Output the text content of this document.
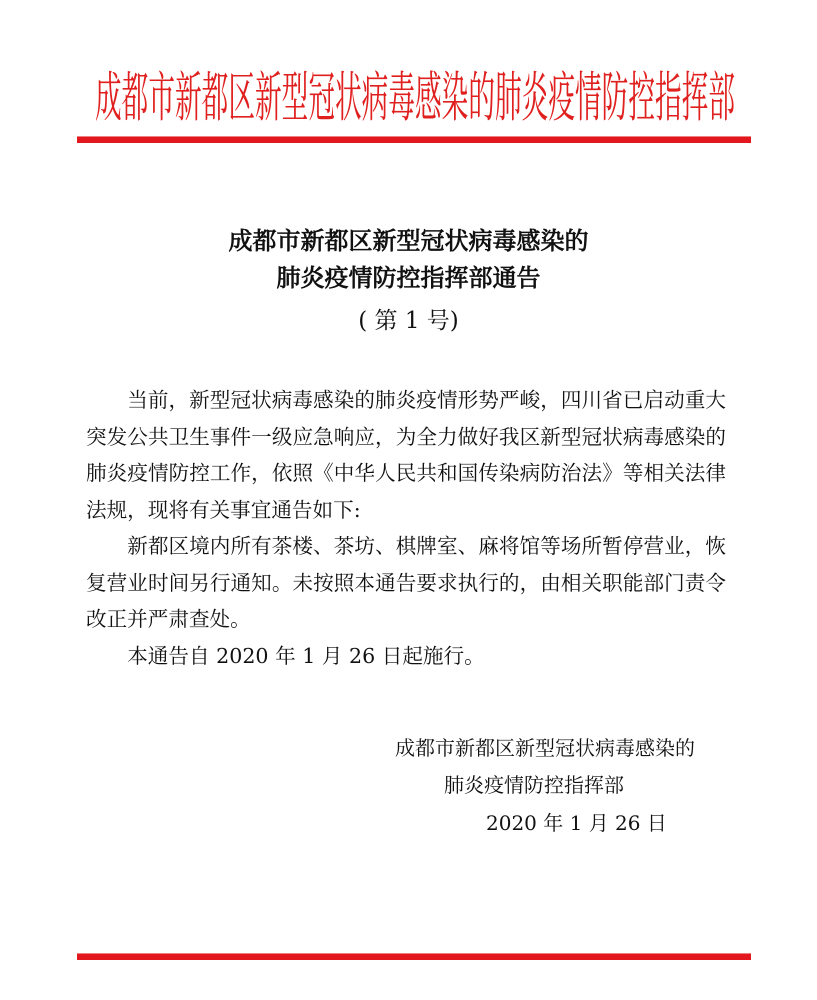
成都市新都区新型冠状病毒感染的肺炎疫情防控指挥部
成都市新都区新型冠状病毒感染的
肺炎疫情防控指挥部通告
( 第 1 号)

当前，新型冠状病毒感染的肺炎疫情形势严峻，四川省已启动重大突发公共卫生事件一级应急响应，为全力做好我区新型冠状病毒感染的肺炎疫情防控工作，依照《中华人民共和国传染病防治法》等相关法律法规，现将有关事宜通告如下:

新都区境内所有茶楼、茶坊、棋牌室、麻将馆等场所暂停营业，恢复营业时间另行通知。未按照本通告要求执行的，由相关职能部门责令改正并严肃查处。

本通告自 2020 年 1 月 26 日起施行。

成都市新都区新型冠状病毒感染的
肺炎疫情防控指挥部
2020 年 1 月 26 日
